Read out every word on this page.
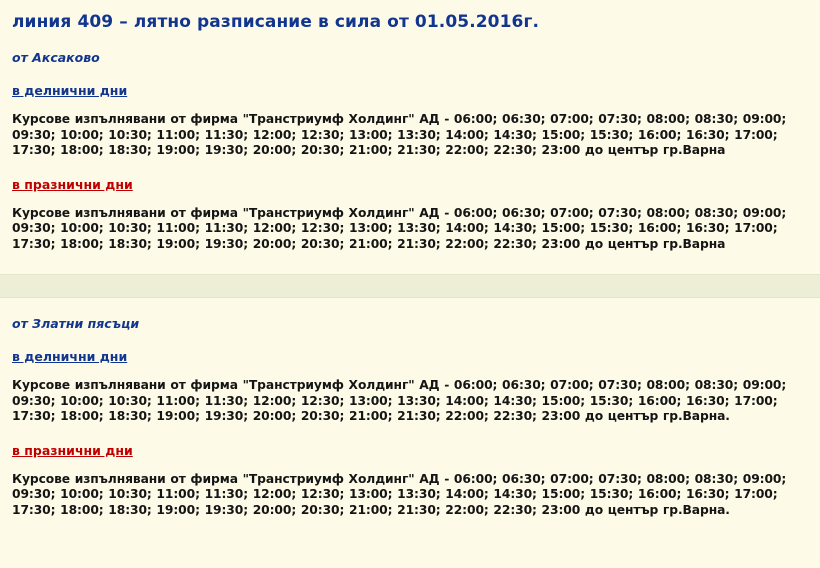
линия 409 – лятно разписание в сила от 01.05.2016г.
от Аксаково
в делнични дни
Курсове изпълнявани от фирма "Транстриумф Холдинг" АД - 06:00; 06:30; 07:00; 07:30; 08:00; 08:30; 09:00; 09:30; 10:00; 10:30; 11:00; 11:30; 12:00; 12:30; 13:00; 13:30; 14:00; 14:30; 15:00; 15:30; 16:00; 16:30; 17:00; 17:30; 18:00; 18:30; 19:00; 19:30; 20:00; 20:30; 21:00; 21:30; 22:00; 22:30; 23:00 до център гр.Варна
в празнични дни
Курсове изпълнявани от фирма "Транстриумф Холдинг" АД - 06:00; 06:30; 07:00; 07:30; 08:00; 08:30; 09:00; 09:30; 10:00; 10:30; 11:00; 11:30; 12:00; 12:30; 13:00; 13:30; 14:00; 14:30; 15:00; 15:30; 16:00; 16:30; 17:00; 17:30; 18:00; 18:30; 19:00; 19:30; 20:00; 20:30; 21:00; 21:30; 22:00; 22:30; 23:00 до център гр.Варна
от Златни пясъци
в делнични дни
Курсове изпълнявани от фирма "Транстриумф Холдинг" АД - 06:00; 06:30; 07:00; 07:30; 08:00; 08:30; 09:00; 09:30; 10:00; 10:30; 11:00; 11:30; 12:00; 12:30; 13:00; 13:30; 14:00; 14:30; 15:00; 15:30; 16:00; 16:30; 17:00; 17:30; 18:00; 18:30; 19:00; 19:30; 20:00; 20:30; 21:00; 21:30; 22:00; 22:30; 23:00 до център гр.Варна.
в празнични дни
Курсове изпълнявани от фирма "Транстриумф Холдинг" АД - 06:00; 06:30; 07:00; 07:30; 08:00; 08:30; 09:00; 09:30; 10:00; 10:30; 11:00; 11:30; 12:00; 12:30; 13:00; 13:30; 14:00; 14:30; 15:00; 15:30; 16:00; 16:30; 17:00; 17:30; 18:00; 18:30; 19:00; 19:30; 20:00; 20:30; 21:00; 21:30; 22:00; 22:30; 23:00 до център гр.Варна.
